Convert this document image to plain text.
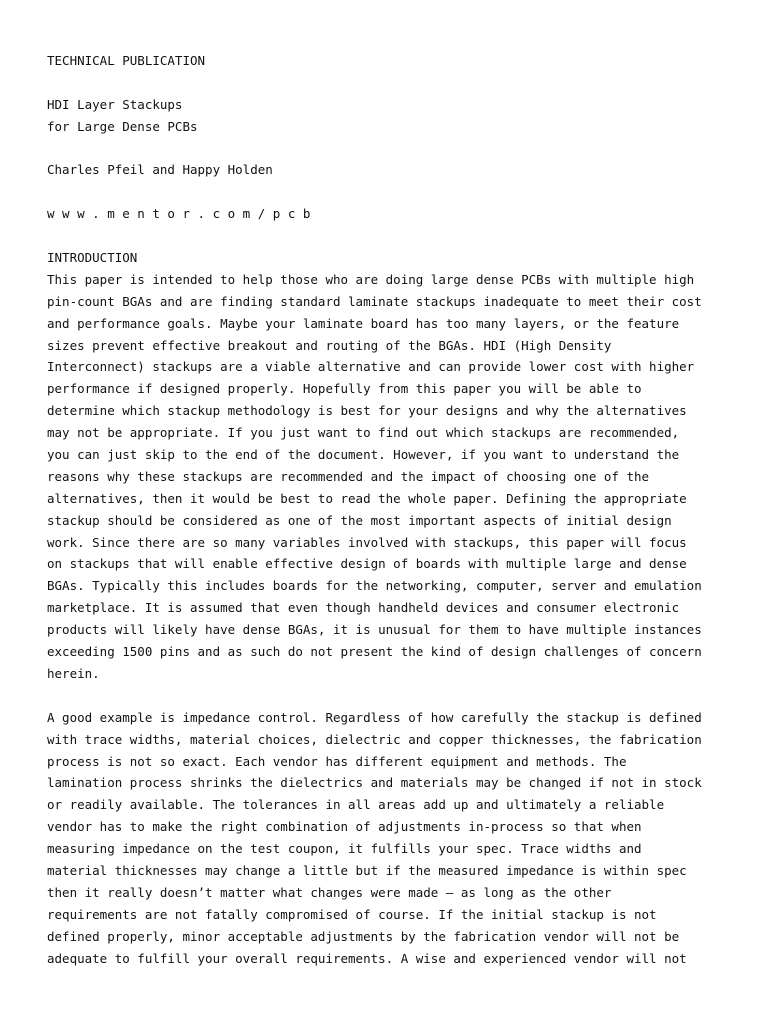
TECHNICAL PUBLICATION
HDI Layer Stackups
for Large Dense PCBs
Charles Pfeil and Happy Holden
w w w . m e n t o r . c o m / p c b
INTRODUCTION
This paper is intended to help those who are doing large dense PCBs with multiple high
pin-count BGAs and are finding standard laminate stackups inadequate to meet their cost
and performance goals. Maybe your laminate board has too many layers, or the feature
sizes prevent effective breakout and routing of the BGAs. HDI (High Density
Interconnect) stackups are a viable alternative and can provide lower cost with higher
performance if designed properly. Hopefully from this paper you will be able to
determine which stackup methodology is best for your designs and why the alternatives
may not be appropriate. If you just want to find out which stackups are recommended,
you can just skip to the end of the document. However, if you want to understand the
reasons why these stackups are recommended and the impact of choosing one of the
alternatives, then it would be best to read the whole paper. Defining the appropriate
stackup should be considered as one of the most important aspects of initial design
work. Since there are so many variables involved with stackups, this paper will focus
on stackups that will enable effective design of boards with multiple large and dense
BGAs. Typically this includes boards for the networking, computer, server and emulation
marketplace. It is assumed that even though handheld devices and consumer electronic
products will likely have dense BGAs, it is unusual for them to have multiple instances
exceeding 1500 pins and as such do not present the kind of design challenges of concern
herein.
A good example is impedance control. Regardless of how carefully the stackup is defined
with trace widths, material choices, dielectric and copper thicknesses, the fabrication
process is not so exact. Each vendor has different equipment and methods. The
lamination process shrinks the dielectrics and materials may be changed if not in stock
or readily available. The tolerances in all areas add up and ultimately a reliable
vendor has to make the right combination of adjustments in-process so that when
measuring impedance on the test coupon, it fulfills your spec. Trace widths and
material thicknesses may change a little but if the measured impedance is within spec
then it really doesn’t matter what changes were made – as long as the other
requirements are not fatally compromised of course. If the initial stackup is not
defined properly, minor acceptable adjustments by the fabrication vendor will not be
adequate to fulfill your overall requirements. A wise and experienced vendor will not
